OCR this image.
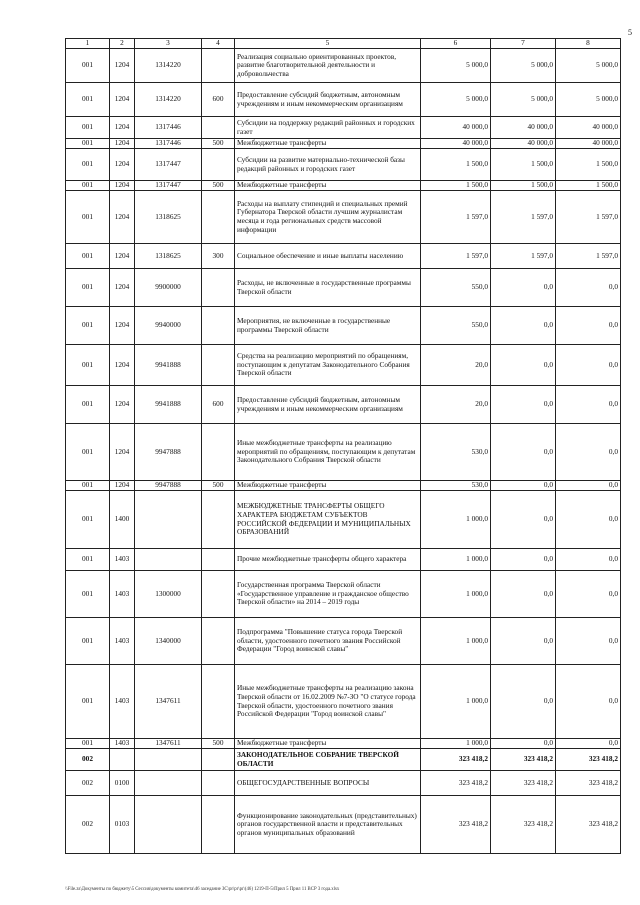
5
1	2	3	4	5	6	7	8
001	1204	1314220		Реализация социально ориентированных проектов, развитие благотворительной деятельности и добровольчества	5 000,0	5 000,0	5 000,0
001	1204	1314220	600	Предоставление субсидий бюджетным, автономным учреждениям и иным некоммерческим организациям	5 000,0	5 000,0	5 000,0
001	1204	1317446		Субсидии на поддержку редакций районных и городских газет	40 000,0	40 000,0	40 000,0
001	1204	1317446	500	Межбюджетные трансферты	40 000,0	40 000,0	40 000,0
001	1204	1317447		Субсидии на развитие материально-технической базы редакций районных и городских газет	1 500,0	1 500,0	1 500,0
001	1204	1317447	500	Межбюджетные трансферты	1 500,0	1 500,0	1 500,0
001	1204	1318625		Расходы на выплату стипендий и специальных премий Губернатора Тверской области лучшим журналистам месяца и года региональных средств массовой информации	1 597,0	1 597,0	1 597,0
001	1204	1318625	300	Социальное обеспечение и иные выплаты населению	1 597,0	1 597,0	1 597,0
001	1204	9900000		Расходы, не включенные в государственные программы Тверской области	550,0	0,0	0,0
001	1204	9940000		Мероприятия, не включенные в государственные программы Тверской области	550,0	0,0	0,0
001	1204	9941888		Средства на реализацию мероприятий по обращениям, поступающим к депутатам Законодательного Собрания Тверской области	20,0	0,0	0,0
001	1204	9941888	600	Предоставление субсидий бюджетным, автономным учреждениям и иным некоммерческим организациям	20,0	0,0	0,0
001	1204	9947888		Иные межбюджетные трансферты на реализацию мероприятий по обращениям, поступающим к депутатам Законодательного Собрания Тверской области	530,0	0,0	0,0
001	1204	9947888	500	Межбюджетные трансферты	530,0	0,0	0,0
001	1400			МЕЖБЮДЖЕТНЫЕ ТРАНСФЕРТЫ ОБЩЕГО ХАРАКТЕРА БЮДЖЕТАМ СУБЪЕКТОВ РОССИЙСКОЙ ФЕДЕРАЦИИ И МУНИЦИПАЛЬНЫХ ОБРАЗОВАНИЙ	1 000,0	0,0	0,0
001	1403			Прочие межбюджетные трансферты общего характера	1 000,0	0,0	0,0
001	1403	1300000		Государственная программа Тверской области «Государственное управление и гражданское общество Тверской области» на 2014 – 2019 годы	1 000,0	0,0	0,0
001	1403	1340000		Подпрограмма "Повышение статуса города Тверской области, удостоенного почетного звания Российской Федерации "Город воинской славы"	1 000,0	0,0	0,0
001	1403	1347611		Иные межбюджетные трансферты на реализацию закона Тверской области от 16.02.2009 №7-ЗО "О статусе города Тверской области, удостоенного почетного звания Российской Федерации "Город воинской славы"	1 000,0	0,0	0,0
001	1403	1347611	500	Межбюджетные трансферты	1 000,0	0,0	0,0
002				ЗАКОНОДАТЕЛЬНОЕ СОБРАНИЕ ТВЕРСКОЙ ОБЛАСТИ	323 418,2	323 418,2	323 418,2
002	0100			ОБЩЕГОСУДАРСТВЕННЫЕ ВОПРОСЫ	323 418,2	323 418,2	323 418,2
002	0103			Функционирование законодательных (представительных) органов государственной власти и представительных органов муниципальных образований	323 418,2	323 418,2	323 418,2
\\File.zs\Документы по бюджету\5 Сессия\документы комитета\46 заседание ЗС\pr\pr\pr\(46) 1219-П-5\Прил 5 Прил 11 ВСР 3 года.xlsx
